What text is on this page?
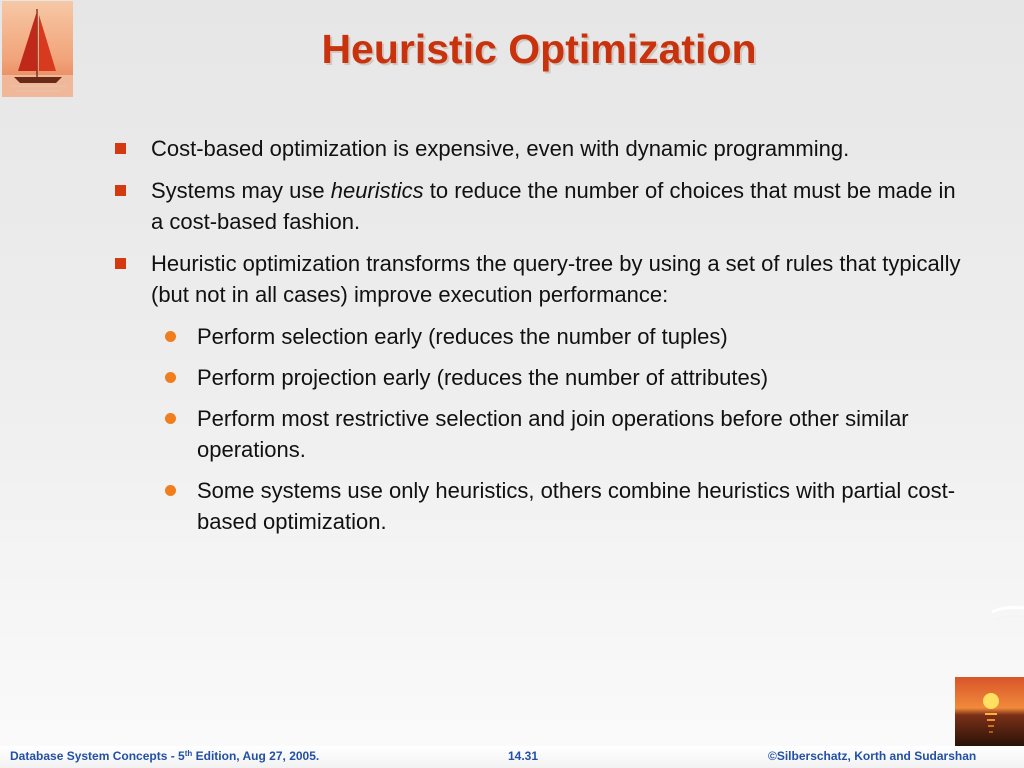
Heuristic Optimization
Cost-based optimization is expensive, even with dynamic programming.
Systems may use heuristics to reduce the number of choices that must be made in a cost-based fashion.
Heuristic optimization transforms the query-tree by using a set of rules that typically (but not in all cases) improve execution performance:
Perform selection early (reduces the number of tuples)
Perform projection early (reduces the number of attributes)
Perform most restrictive selection and join operations before other similar operations.
Some systems use only heuristics, others combine heuristics with partial cost-based optimization.
Database System Concepts - 5th Edition, Aug 27, 2005.	14.31	©Silberschatz, Korth and Sudarshan
